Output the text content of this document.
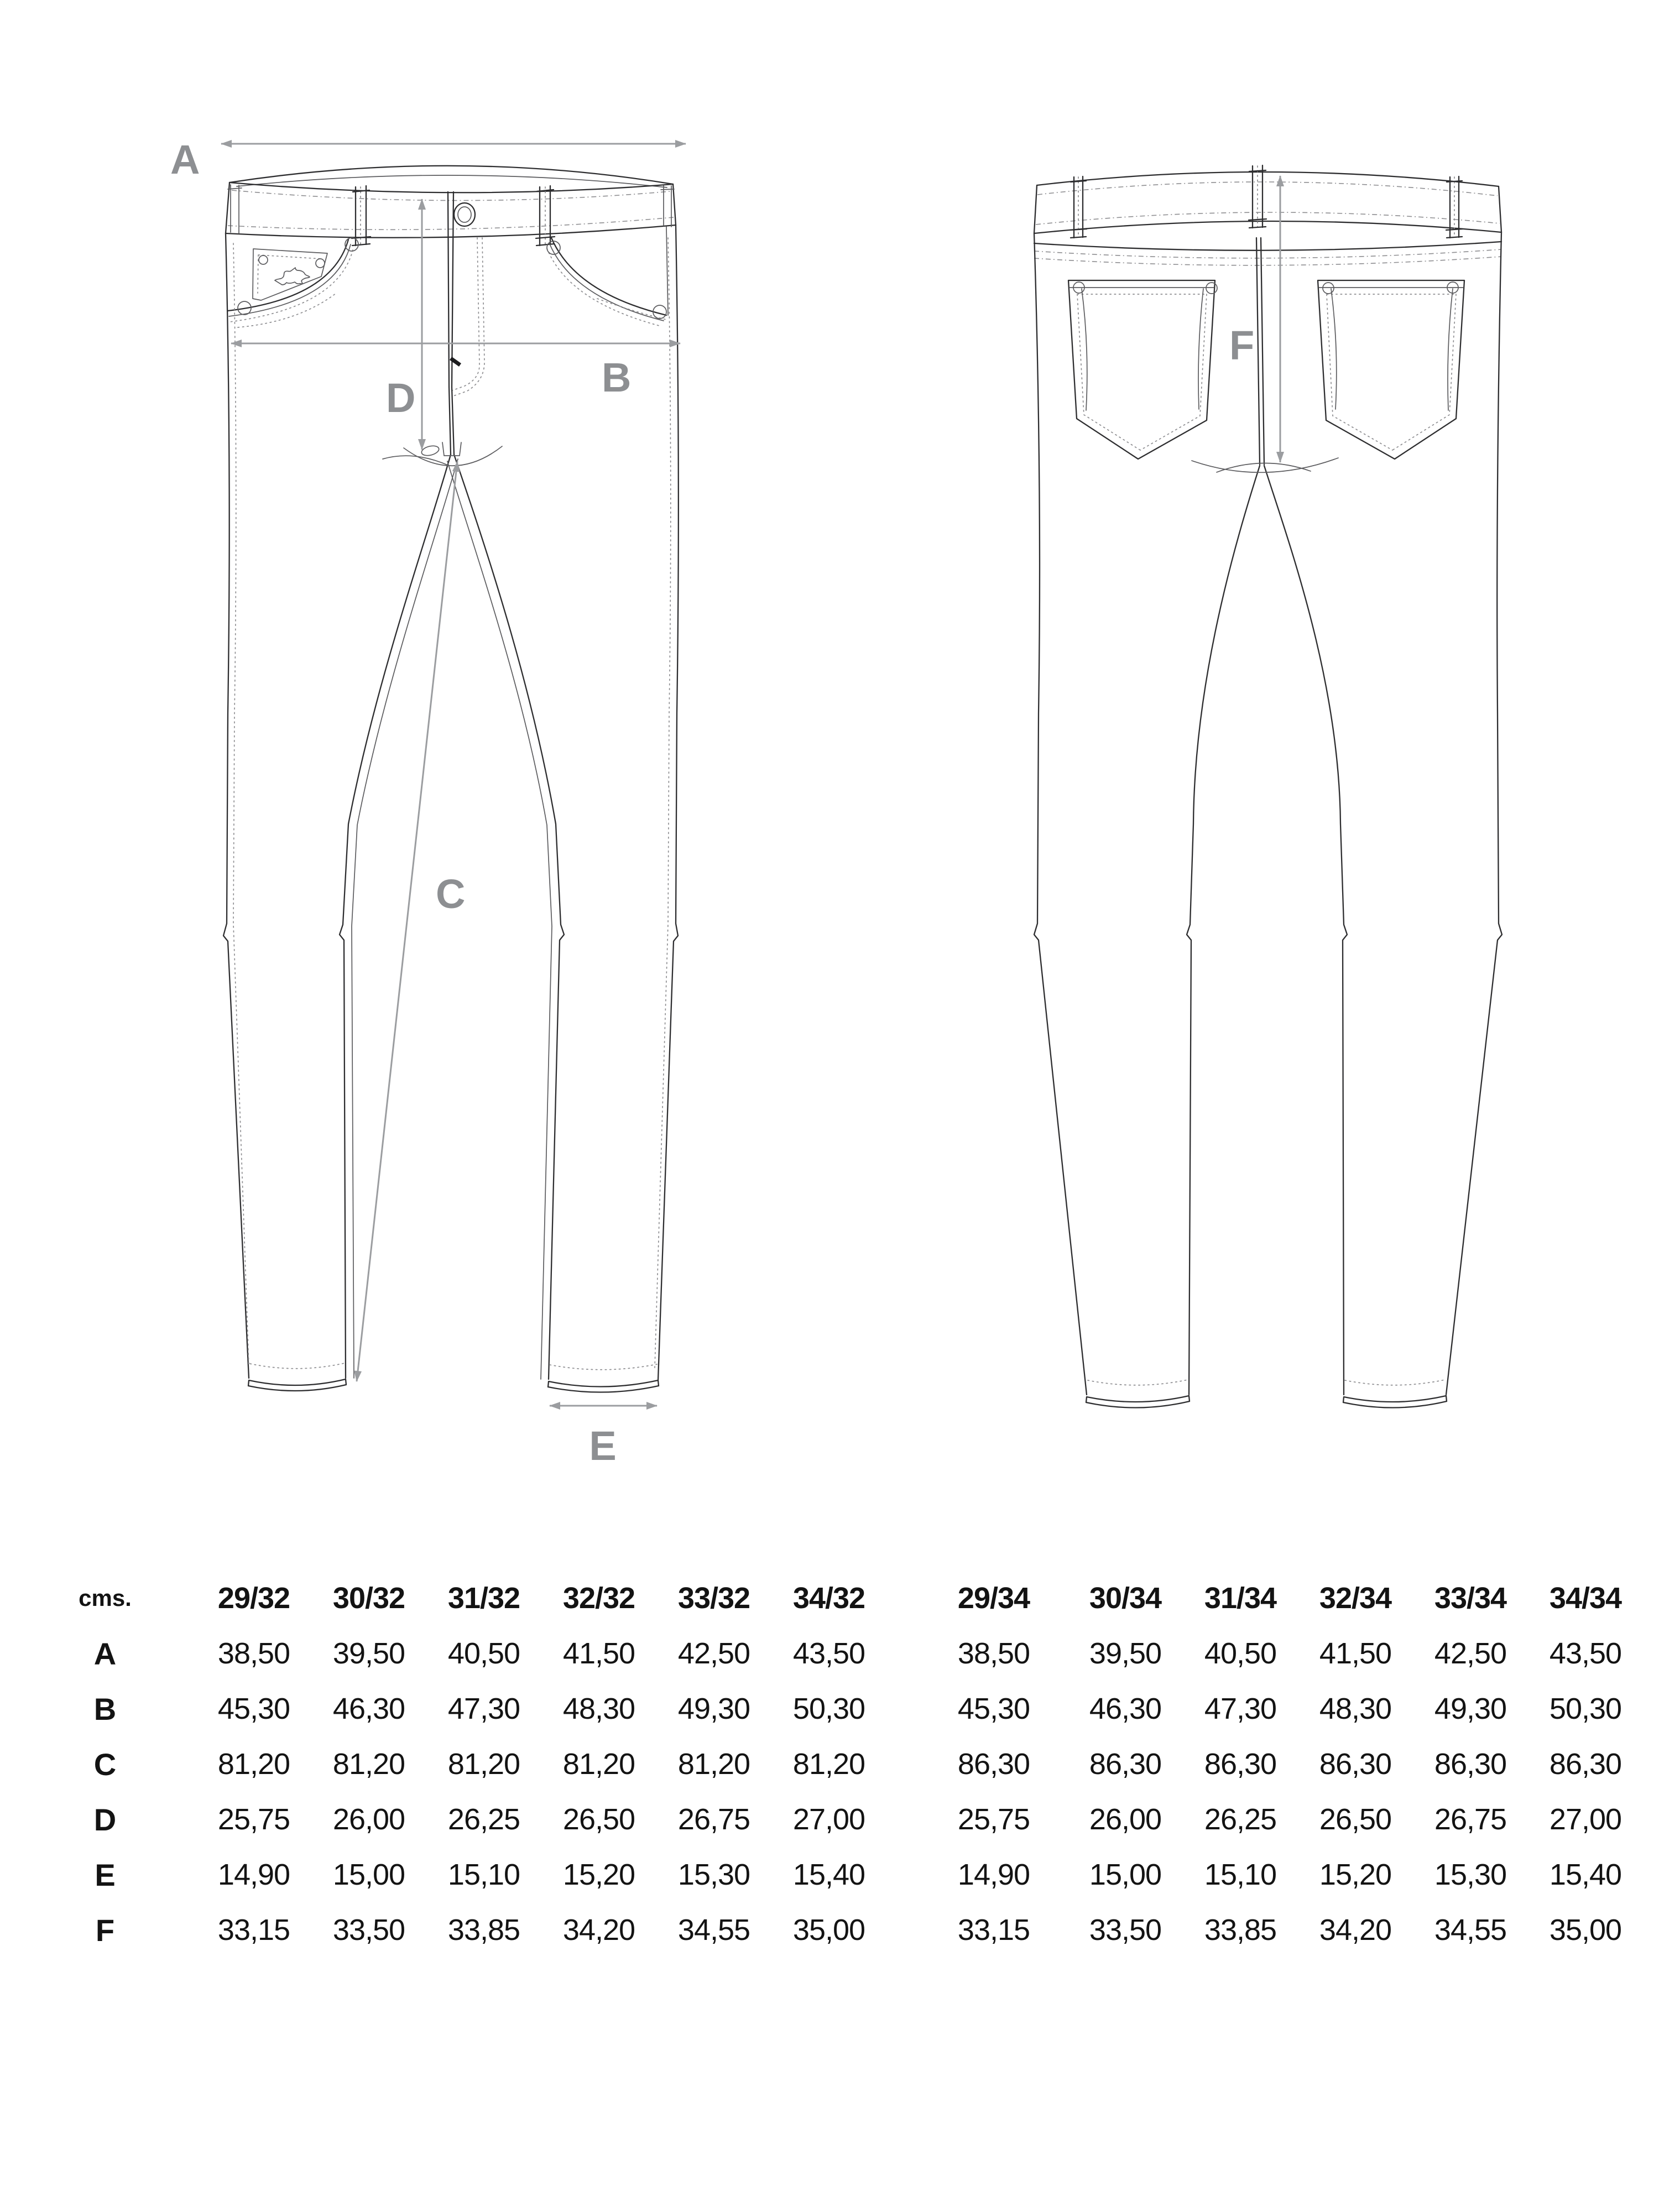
A
B
D
C
E
F
cms.	29/32	30/32	31/32	32/32	33/32	34/32	29/34	30/34	31/34	32/34	33/34	34/34
A	38,50	39,50	40,50	41,50	42,50	43,50	38,50	39,50	40,50	41,50	42,50	43,50
B	45,30	46,30	47,30	48,30	49,30	50,30	45,30	46,30	47,30	48,30	49,30	50,30
C	81,20	81,20	81,20	81,20	81,20	81,20	86,30	86,30	86,30	86,30	86,30	86,30
D	25,75	26,00	26,25	26,50	26,75	27,00	25,75	26,00	26,25	26,50	26,75	27,00
E	14,90	15,00	15,10	15,20	15,30	15,40	14,90	15,00	15,10	15,20	15,30	15,40
F	33,15	33,50	33,85	34,20	34,55	35,00	33,15	33,50	33,85	34,20	34,55	35,00
